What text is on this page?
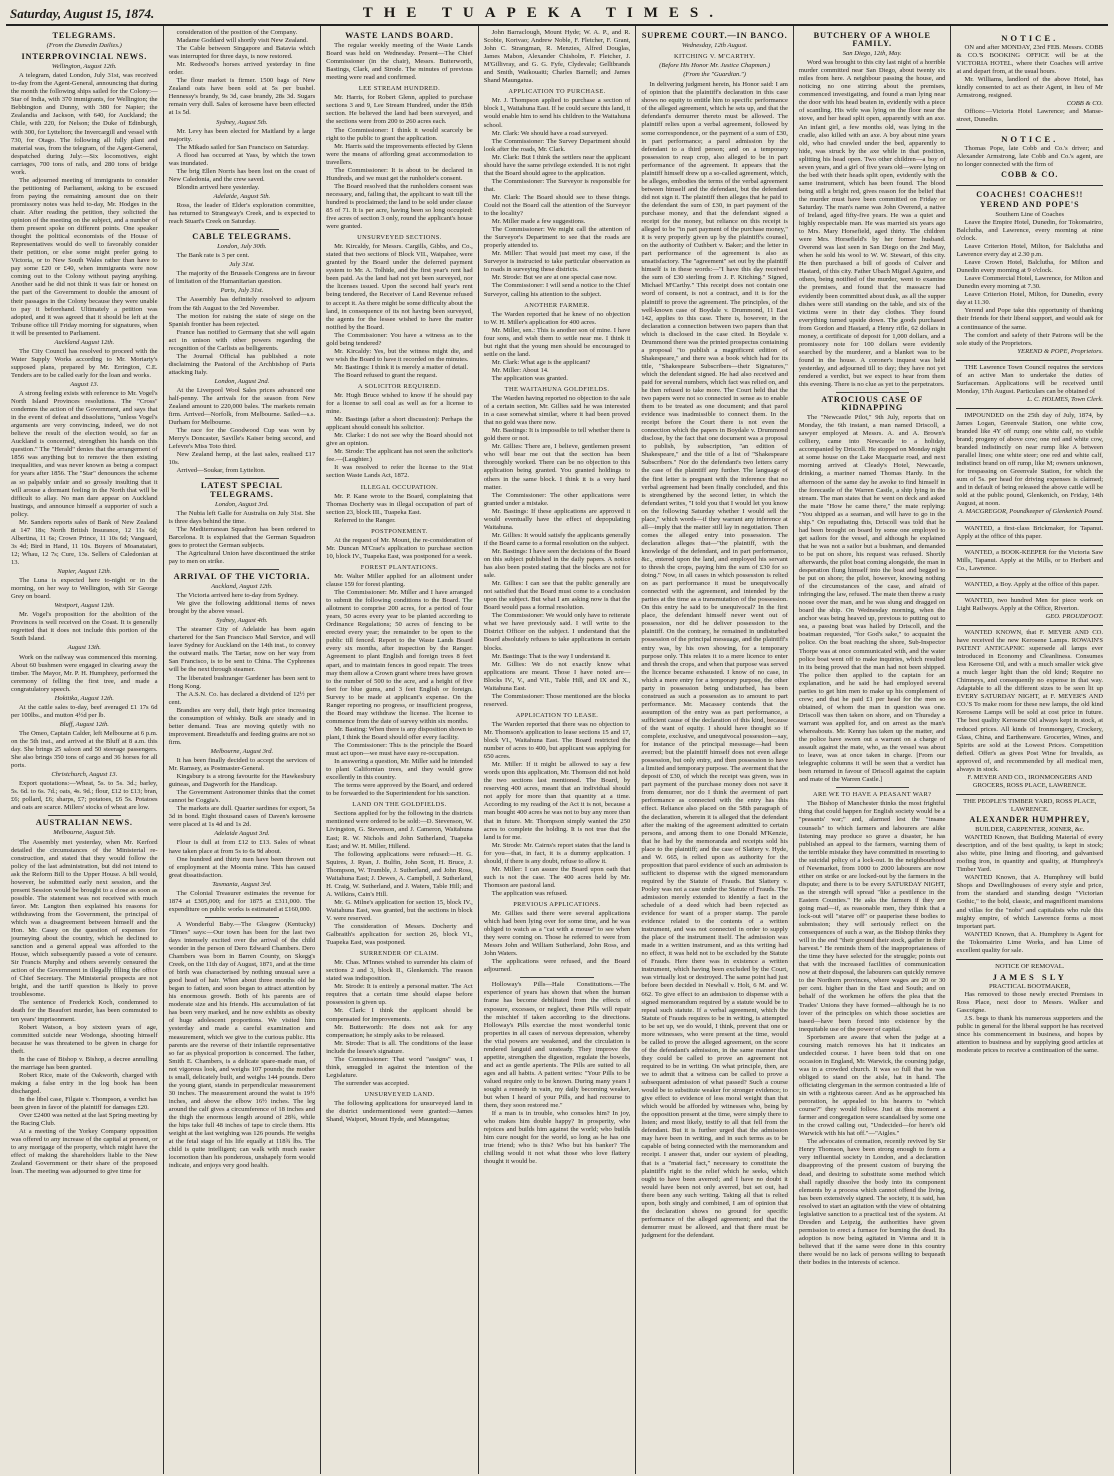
Saturday, August 15, 1874.	THE TUAPEKA TIMES.
TELEGRAMS.
(From the Dunedin Dailies.)
INTERPROVINCIAL NEWS.
Wellington, August 12th.

A telegram, dated London, July 31st, was received to-day from the Agent-General, announcing that during the month the following ships sailed for the Colony:—Star of India, with 370 immigrants, for Wellington; the Bebbington and Dunny, with 380 for Napier; the Zealandia and Jackson, with 640, for Auckland; the Chile, with 220, for Nelson; the Duke of Edinburgh, with 300, for Lyttelton; the Invercargill and vessel with 730, for Otago. The following all fully plant and material was, from the telegram, of the Agent-General, despatched during July:—Six locomotives, eight carriages, 700 tons of rails, and 280 tons of bridge work.

The adjourned meeting of immigrants to consider the petitioning of Parliament, asking to be excused from paying the remaining amount due on their promissory notes was held to-day, Mr. Hodges in the chair. After reading the petition, they solicited the opinion of the meeting on the subject, and a number of them present spoke on different points. One speaker thought the political economists of the House of Representatives would do well to favorably consider their petition, or else some might prefer going to Victoria, or to New South Wales rather than have to pay some £20 or £40, when immigrants were now coming out to the Colony without paying anything. Another said he did not think it was fair or honest on the part of the Government to double the amount of their passages in the Colony because they were unable to pay it beforehand. Ultimately a petition was adopted, and it was agreed that it should be left at the Tribune office till Friday morning for signatures, when it will be presented to Parliament.

Auckland August 12th.

The City Council has resolved to proceed with the Water Supply Works according to Mr. Moriarty's supposed plans, prepared by Mr. Errington, C.E. Tenders are to be called early for the loan and works.

August 13.

A strong feeling exists with reference to Mr. Vogel's North Island Provinces resolutions. The "Cross" condemns the action of the Government, and says that in the event of defeat and dissolutions, "unless Vogel's arguments are very convincing, indeed, we do not believe the result of the election would, so far as Auckland is concerned, strengthen his hands on this question." The "Herald" denies that the arrangement of 1856 was anything but to remove the then existing inequalities, and was never known as being a compact for years after 1856. The "Star" denounces the scheme as so palpably unfair and so grossly insulting that it will arouse a dormant feeling in the North that will be difficult to allay. No man dare appear on Auckland hustings, and announce himself a supporter of such a policy.

Mr. Sanders reports sales of Bank of New Zealand at 147 18s; North British Insurance, 12 11s 6d; Albertina, 11 6s; Crown Prince, 11 10s 6d; Vanguard, 3s 4d; Bird in Hand, 11 10s. Buyers of Moanataiari, 12; Whau, 12 7s; Cure, 13s. Sellers of Caledonian at 13.

Napier, August 12th.

The Luna is expected here to-night or in the morning, on her way to Wellington, with Sir George Grey on board.

Westport, August 12th.

Mr. Vogel's proposition for the abolition of the Provinces is well received on the Coast. It is generally regretted that it does not include this portion of the South Island.

August 13th.

Work on the railway was commenced this morning. About 60 bushmen were engaged in clearing away the timber. The Mayor, Mr. P. H. Humphrey, performed the ceremony of felling the first tree, and made a congratulatory speech.

Hokitika, August 12th.

At the cattle sales to-day, beef averaged £1 17s 6d per 100lbs., and mutton 4½d per lb.

Bluff, August 12th.

The Omeo, Captain Calder, left Melbourne at 6 p.m. on the 5th inst., and arrived at the Bluff at 8 a.m. this day. She brings 25 saloon and 50 steerage passengers. She also brings 350 tons of cargo and 36 horses for all ports.

Christchurch, August 13.

Export quotations:—Wheat, 5s. to 5s. 3d.; barley, 5s. 6d. to 6s. 7d.; oats, 4s. 9d.; flour, £12 to £13; bran, £6; pollard, £6; sharps, £7; potatoes, £6 5s. Potatoes and oats are scarce. Millers' stocks of wheat are low.

AUSTRALIAN NEWS.
Melbourne, August 5th.

The Assembly met yesterday, when Mr. Kerford detailed the circumstances of the Ministerial re-construction, and stated that they would follow the policy of the last administration, but did not intend to ask the Reform Bill to the Upper House. A bill would, however, be submitted early next session, and the present Session would be brought to a close as soon as possible. The statement was not received with much favor. Mr. Langton then explained his reasons for withdrawing from the Government, the principal of which was a disagreement between himself and the Hon. Mr. Casey on the question of expenses for journeying about the country, which he declined to sanction and a general appeal was afforded to the House, which subsequently passed a vote of censure. Sir Francis Murphy and others severely censured the action of the Government in illegally filling the office of Chief Secretary. The Ministerial prospects are not bright, and the tariff question is likely to prove troublesome.

The sentence of Frederick Koch, condemned to death for the Beaufort murder, has been commuted to ten years' imprisonment.

Robert Watson, a boy sixteen years of age, committed suicide near Wodonga, shooting himself because he was threatened to be given in charge for theft.

In the case of Bishop v. Bishop, a decree annulling the marriage has been granted.

Robert Rice, mate of the Oakworth, charged with making a false entry in the log book has been discharged.

In the libel case, Filgate v. Thompson, a verdict has been given in favor of the plaintiff for damages £20.

Over £2400 was netted at the last Spring meeting by the Racing Club.

At a meeting of the Yorkey Company opposition was offered to any increase of the capital at present, or to any mortgage of the property, which might have the effect of making the shareholders liable to the New Zealand Government or their share of the proposed loan. The meeting was adjourned to give time for

consideration of the position of the Company.

Madame Goddard will shortly visit New Zealand.

The Cable between Singapore and Batavia which was interrupted for three days, is now restored.

Mr. Redwood's horses arrived yesterday in fine order.

The flour market is firmer. 1500 bags of New Zealand oats have been sold at 5s per bushel. Hennessy's brandy, 9s 3d, case brandy, 28s 3d. Sugars remain very dull. Sales of kerosene have been effected at 1s 5d.

Sydney, August 5th.

Mr. Levy has been elected for Maitland by a large majority.

The Mikado sailed for San Francisco on Saturday.

A flood has occurred at Yass, by which the town was inundated.

The brig Ellen Norris has been lost on the coast of New Caledonia, and the crew saved.

Blondin arrived here yesterday.

Adelaide, August 5th.

Ross, the leader of Elder's exploration committee, has returned to Strangway's Creek, and is expected to reach Stuart's Creek on Saturday.

CABLE TELEGRAMS.
London, July 30th.

The Bank rate is 3 per cent.

July 31st.

The majority of the Brussels Congress are in favour of limitation of the Humanitarian question.

Paris, July 31st.

The Assembly has definitely resolved to adjourn from the 6th August to the 3rd November.

The motion for raising the state of siege on the Spanish frontier has been rejected.

France has notified to Germany that she will again act in unison with other powers regarding the recognition of the Carlists as belligerents.

The Journal Official has published a note disclaiming the Pastoral of the Archbishop of Paris attacking Italy.

London, August 2nd.

At the Liverpool Wool Sales prices advanced one half-penny. The arrivals for the season from New Zealand amount to 220,000 bales. The markets remain firm. Arrived—Norfolk, from Melbourne. Sailed—s.s. Durham for Melbourne.

The race for the Goodwood Cup was won by Merry's Doncaster, Saville's Kaiser being second, and Lefevre's Miss Toto third.

New Zealand hemp, at the last sales, realised £17 10s.

Arrived—Soukar, from Lyttelton.

LATEST SPECIAL TELEGRAMS.
London, August 3rd.

The Nubia left Galle for Australia on July 31st. She is three days behind the time.

The Mediterranean Squadron has been ordered to Barcelona. It is explained that the German Squadron goes to protect the German subjects.

The Agricultural Union have discontinued the strike pay to men on strike.

ARRIVAL OF THE VICTORIA.
Auckland, August 12th.

The Victoria arrived here to-day from Sydney.

We give the following additional items of news brought by the above vessel.

Sydney, August 4th.

The steamer City of Adelaide has been again chartered for the San Francisco Mail Service, and will leave Sydney for Auckland on the 14th inst., to convey the outward mails. The Tartar, now on her way from San Francisco, is to be sent to China. The Cyphrenes will be the next through steamer.

The liberated bushranger Gardener has been sent to Hong Kong.

The A.S.N. Co. has declared a dividend of 12½ per cent.

Brandies are very dull, their high price increasing the consumption of whisky. Bulk are steady and in better demand. Teas are moving quietly with no improvement. Breadstuffs and feeding grains are not so firm.

Melbourne, August 3rd.

It has been finally decided to accept the services of Mr. Ramsey, as Postmaster-General.

Kingsbury is a strong favourite for the Hawkesbury guineas, and Dagworth for the Handicap.

The Government Astronomer thinks that the comet cannot be Coggia's.

The markets are dull. Quarter sardines for export, 5s 3d in bond. Eight thousand cases of Daven's kerosene were placed at 1s 4d and 1s 2d.

Adelaide August 3rd.

Flour is dull at from £12 to £13. Sales of wheat have taken place at from 5s to 6s 9d about.

One hundred and thirty men have been thrown out of employment at the Moonta mine. This has caused great dissatisfaction.

Tasmania, August 3rd.

The Colonial Treasurer estimates the revenue for 1874 at £305,000; and for 1875 at £311,000. The expenditure on public works is estimated at £160,000.

A Wonderful Baby.—The Glasgow (Kentucky) "Times" says:—Our town has been for the last two days intensely excited over the arrival of the child wonder in the person of Dero Edward Chambers. Dero Chambers was born in Barren County, on Skegg's Creek, on the 11th day of August, 1871, and at the time of birth was characterised by nothing unusual save a good head of hair. When about three months old he began to fatten, and soon began to attract attention by his enormous growth. Both of his parents are of moderate size and his friends. His accumulation of fat has been very marked, and he now exhibits as obesity of huge adolescent proportions. We visited him yesterday and made a careful examination and measurement, which we give to the curious public. His parents are the reverse of their infantile representative so far as physical proportion is concerned. The father, Smith E. Chambers, is a delicate spare-made man, of not vigorous look, and weighs 107 pounds; the mother is small, delicately built, and weighs 144 pounds. Dero the young giant, stands in perpendicular measurement 30 inches. The measurement around the waist is 19½ inches, and above the elbow 16½ inches. The leg around the calf gives a circumference of 18 inches and the thigh the enormous length around of 28¾, while the hips take full 48 inches of tape to circle them. His weight at the last weighing was 126 pounds. He weighs at the fetal stage of his life equally at 118¾ lbs. The child is quite intelligent; can walk with much easier locomotion than his ponderous, unshapely form would indicate, and enjoys very good health.

WASTE LANDS BOARD.

The regular weekly meeting of the Waste Lands Board was held on Wednesday. Present—The Chief Commissioner (in the chair), Messrs. Butterworth, Bastings, Clark, and Strode. The minutes of previous meeting were read and confirmed.

LEE STREAM HUNDRED.

Mr. Harris, for Robert Glenn, applied to purchase sections 3 and 9, Lee Stream Hundred, under the 85th section. He believed the land had been surveyed, and the sections were from 200 to 260 acres each.

The Commissioner: I think it would scarcely be right to the public to grant the application.

Mr. Harris said the improvements effected by Glenn were the means of affording great accommodation to travellers.

The Commissioner: It is about to be declared in Hundreds, and we must get the runholder's consent.

The Board resolved that the runholders consent was necessary, and, failing that, the applicant to wait till the hundred is proclaimed; the land to be sold under clause 85 of 71. It is per acre, having been so long occupied: five acres of section 3 only, round the applicant's house were granted.

UNSURVEYED SECTIONS.

Mr. Kircaldy, for Messrs. Cargills, Gibbs, and Co., stated that two sections of Block VII., Waipahee, were granted by the Board under the deferred payment system to Mr. A. Tolhide, and the first year's rent had been paid. As the land had not yet been surveyed, nor the licenses issued. Upon the second half year's rent being tendered, the Receiver of Land Revenue refused to accept it. As there might be some difficulty about the land, in consequence of its not having been surveyed, the agents for the lessee wished to have the matter notified by the Board.

The Commissioner: You have a witness as to the gold being tendered?

Mr. Kircaldy: Yes, but the witness might die, and we wish the Board to have it recorded on the minutes.

Mr. Bastings: I think it is merely a matter of detail.

The Board refused to grant the request.

A SOLICITOR REQUIRED.

Mr. Hugh Bruce wished to know if he should pay for a license to sell coal as well as for a license to mine.

Mr. Bastings (after a short discussion): Perhaps the applicant should consult his solicitor.

Mr. Clarke: I do not see why the Board should not give an opinion.

Mr. Strode: The applicant has not seen the solicitor's fee.—(Laughter.)

It was resolved to refer the license to the 91st section Waste Lands Act, 1872.

ILLEGAL OCCUPATION.

Mr. P. Kane wrote to the Board, complaining that Thomas Docherty was in illegal occupation of part of section 23, block III., Tuapeka East.

Referred to the Ranger.

POSTPONEMENT.

At the request of Mr. Mount, the re-consideration of Mr. Duncan M'Crae's application to purchase section 10, block IV., Tuapeka East, was postponed for a week.

FOREST PLANTATIONS.

Mr. Walter Miller applied for an allotment under clause 159 for forest planting.

The Commissioner: Mr. Miller and I have arranged to submit the following conditions to the Board. The allotment to comprise 200 acres, for a period of four years, 50 acres every year to be planted according to Ordinance Regulations; 50 acres of fencing to be erected every year; the remainder to be open to the public till fenced. Report to the Waste Lands Board every six months, after inspection by the Ranger. Agreement to plant English and foreign trees 8 feet apart, and to maintain fences in good repair. The trees may them allow a Crown grant where trees have grown to the number of 500 to the acre, and a height of five feet for blue gums, and 3 feet English or foreign. Survey to be made at applicant's expense. On the Ranger reporting no progress, or insufficient progress, the Board may withdraw the license. The license to commence from the date of survey within six months.

Mr. Basting: When there is any disposition shown to plant, I think the Board should offer every facility.

The Commissioner: This is the principle the Board must act upon—we must have easy re-occupation.

In answering a question, Mr. Miller said he intended to plant Californian trees, and they would grow excellently in this country.

The terms were approved by the Board, and ordered to be forwarded to the Superintendent for his sanction.

LAND ON THE GOLDFIELDS.

Sections applied for by the following in the districts mentioned were ordered to be sold:—D. Stevenson, W. Livingston, G. Stevenson, and J. Cameron, Waitahuna East; R. W. Nichols and John Sutherland, Tuapeka East; and W. H. Miller, Hillend.

The following applications were refused:—H. G. Squires, J. Ryan, J. Bulfin, John Scott, H. Bruce, J. Thompson, W. Trumble, J. Sutherland, and John Ross, Waitahuna East; J. Dewes, A. Campbell, J. Sutherland, H. Craig, W. Sutherland, and J. Waters, Table Hill; and A. Wilkins, Cain's Hill.

Mr. G. Milne's application for section 15, block IV., Waitahuna East, was granted, but the sections in block V. were reserved.

The consideration of Messrs. Docherty and Galbraith's application for section 26, block VI., Tuapeka East, was postponed.

SURRENDER OF CLAIM.

Mr. Chas. M'Innes wished to surrender his claim of sections 2 and 3, block II., Glenkenich. The reason stated was indisposition.

Mr. Strode: It is entirely a personal matter. The Act requires that a certain time should elapse before possession is given up.

Mr. Clark: I think the applicant should be compensated for improvements.

Mr. Butterworth: He does not ask for any compensation; he simply asks to be released.

Mr. Strode: That is all. The conditions of the lease include the lessee's signature.

The Commissioner: That word "assigns" was, I think, smuggled in against the intention of the Legislature.

The surrender was accepted.

UNSURVEYED LAND.

The following applications for unsurveyed land in the district undermentioned were granted:—James Shand, Waipori, Mount Hyde, and Maungatua;

John Barraclough, Mount Hyde; W. A. P., and R. Scobie, Korivao; Andrew Noble, F. Fletcher, F. Grant, John C. Strangman, R. Menzies, Alfred Douglas, James Mabon, Alexander Chisholm, F. Fletcher, J. M'Gillivray, and G. G. Fyfe, Clydevale; Gellibrands and Smith, Waikouaiti; Charles Barnell; and James Shand Maungatua.

APPLICATION TO PURCHASE.

Mr. J. Thompson applied to purchase a section of block I., Waitahuna East. If he could secure this land, it would enable him to send his children to the Waitahuna school.

Mr. Clark: We should have a road surveyed.

The Commissioner: The Survey Department should look after the roads, Mr. Clark.

Mr. Clark: But I think the settlers near the applicant should have the same privilege extended. It is not right that the Board should agree to the application.

The Commissioner: The Surveyor is responsible for that.

Mr. Clark: The Board should see to these things. Could not the Board call the attention of the Surveyor to the locality?

Mr. Miller made a few suggestions.

The Commissioner: We might call the attention of the Surveyor's Department to see that the roads are properly attended to.

Mr. Miller: That would just meet my case, if the Surveyor is instructed to take particular observation as to roads in surveying these districts.

Mr. Strode: But we are at one special case now.

The Commissioner: I will send a notice to the Chief Surveyor, calling his attention to the subject.

ANOTHER FARMER.

The Warden reported that he knew of no objection to W. H. Miller's application for 400 acres.

Mr. Miller, sen.: This is another son of mine. I have four sons, and wish them to settle near me. I think it but right that the young men should be encouraged to settle on the land.

Mr. Clark: What age is the applicant?

Mr. Miller: About 14.

The application was granted.

THE WAITAHUNA GOLDFIELDS.

The Warden having reported no objection to the sale of a certain section, Mr. Gillies said he was interested in a case somewhat similar, where it had been proved that no gold was there now.

Mr. Bastings: It is impossible to tell whether there is gold there or not.

Mr. Gillies: There are, I believe, gentlemen present who will bear me out that the section has been thoroughly worked. There can be no objection to this application being granted. You granted holdings to others in the same block. I think it is a very hard matter.

The Commissioner: The other applications were granted under a mistake.

Mr. Bastings: If these applications are approved it would eventually have the effect of depopulating Waitahuna.

Mr. Gillies: It would satisfy the applicants generally if the Board came to a formal resolution on the subject.

Mr. Bastings: I have seen the decisions of the Board on this subject published in the daily papers. A notice has also been posted stating that the blocks are not for sale.

Mr. Gillies: I can see that the public generally are not satisfied that the Board must come to a conclusion upon the subject. But what I am asking now is that the Board would pass a formal resolution.

The Commissioner: We would only have to reiterate what we have previously said. I will write to the District Officer on the subject. I understand that the Board absolutely refuses to take applications in certain blocks.

Mr. Bastings: That is the way I understand it.

Mr. Gillies: We do not exactly know what applications are meant. Those I have noted are—Blocks IV., V., and VII., Table Hill, and IX and X., Waitahuna East.

The Commissioner: Those mentioned are the blocks reserved.

APPLICATION TO LEASE.

The Warden reported that there was no objection to Mr. Thomson's application to lease sections 15 and 17, block VI., Waitahuna East. The Board restricted the number of acres to 400, but applicant was applying for 650 acres.

Mr. Miller: If it might be allowed to say a few words upon this application, Mr. Thomson did not hold the two sections last mentioned. The Board, by reserving 400 acres, meant that an individual should not apply for more than that quantity at a time. According to my reading of the Act it is not, because a man bought 400 acres he was not to buy any more than that in future. Mr. Thompson simply wanted the 250 acres to complete the holding. It is not true that the land is for me.

Mr. Strode: Mr. Cairns's report states that the land is for you—that, in fact, it is a dummy application. I should, if there is any doubt, refuse to allow it.

Mr. Miller: I can assure the Board upon oath that such is not the case. The 400 acres held by Mr. Thomson are pastoral land.

The application was refused.

PREVIOUS APPLICATIONS.

Mr. Gillies said there were several applications which had been lying over for some time, and he was obliged to watch as a "cat with a mouse" to see when they were coming on. Those he referred to were from Messrs John and William Sutherland, John Ross, and John Waters.

The applications were refused, and the Board adjourned.

Holloway's Pills—Hale Constitutions.—The experience of years has shown that when the human frame has become debilitated from the effects of exposure, excesses, or neglect, these Pills will repair the mischief if taken according to the directions. Holloway's Pills exercise the most wonderful tonic properties in all cases of nervous depression, whereby the vital powers are weakened, and the circulation is rendered languid and unsteady. They improve the appetite, strengthen the digestion, regulate the bowels, and act as gentle aperients. The Pills are suited to all ages and all habits. A patient writes: "Your Pills to be valued require only to be known. During many years I sought a remedy in vain, my daily becoming weaker, but when I heard of your Pills, and had recourse to them, they soon restored me."

If a man is in trouble, who consoles him? In joy, who makes him double happy? In prosperity, who rejoices and builds him against the world; who builds him cure nought for the world, so long as he has one true friend; who is this? Who but his banker? The chilling would it not what those who love flattery thought it would be.

SUPREME COURT.—IN BANCO.
Wednesday, 12th August.
KITCHING V. M'CARTHY.
(Before His Honor Mr. Justice Chapman.)
(From the "Guardian.")

In delivering judgment herein, his Honor said: I am of opinion that the plaintiff's declaration in this case shows no equity to entitle him to specific performance of the alleged agreement, which he sets up, and that the defendant's demurrer thereto must be allowed. The plaintiff relies upon a verbal agreement, followed by some correspondence, or the payment of a sum of £30, in part performance; a parol admission by the defendant to a third person; and on a temporary possession to reap crop, also alleged to be in part performance of the agreement. It appears that the plaintiff himself drew up a so-called agreement, which, he alleges, embodies the terms of the verbal agreement between himself and the defendant, but the defendant did not sign it. The plaintiff then alleges that he paid to the defendant the sum of £30, in part payment of the purchase money, and that the defendant signed a receipt for the money, but reliance on this receipt is alleged to be "in part payment of the purchase money," it is very properly given up by the plaintiff's counsel, on the authority of Cuthbert v. Baker; and the letter in part performance of the agreement is also as unsatisfactory. The "agreement" set out by the plaintiff himself is in these words:—"I have this day received the sum of £30 sterling from J. F. Kitching." Signed, Michael M'Carthy." This receipt does not contain one word of consent, is not a contract, and it is for the plaintiff to prove the agreement. The principles, of the well-known case of Boydale v. Drummond, 11 East 142, applies to this case. There is, however, in the declaration a connection between two papers than that which is disclosed in the case cited. In Boydale v. Drummond there was the printed prospectus containing a proposal "to publish a magnificent edition of Shakespeare," and there was a book which had for its title, "Shakespeare Subscribers—their Signatures," which the defendant signed. He had also received and paid for several numbers, which fact was relied on, and he then refused to take more. The Court held that the two papers were not so connected in sense as to enable them to be treated as one document; and that parol evidence was inadmissible to connect them. In the receipt before the Court there is not even the connection which the papers in Boydale v. Drummond disclose, by the fact that one document was a proposal to publish, by subscription, "an edition of Shakespeare," and the title of a list of "Shakespeare Subscribers." Nor do the defendant's two letters carry the case of the plaintiff any further. The language of the first letter is pregnant with the inference that no verbal agreement had been finally concluded, and this is strengthened by the second letter, in which the defendant writes, "I told you that I would let you know on the following Saturday whether I would sell the place," which words—if they warrant any inference at all—imply that the matter still lay in negotiation. Then comes the alleged entry into possession. The declaration alleges that—"the plaintiff, with the knowledge of the defendant, and in part performance, &c., entered upon the land, and employed his servant to thresh the crops, paying him the sum of £30 for so doing." Now, in all cases in which possession is relied on as part performance it must be unequivocally connected with the agreement, and intended by the parties at the time as a transmutation of the possession. On this entry he said to be unequivocal? In the first place, the defendant himself never went out of possession, nor did he deliver possession to the plaintiff. On the contrary, he remained in undisturbed possession of the principal messuage, and the plaintiff's entry was, by his own showing, for a temporary purpose only. This relates it to a mere licence to enter and thresh the crops, and when that purpose was served the licence became exhausted. I know of no case, in which a mere entry for a temporary purpose, the other party in possession being undisturbed, has been construed as such a possession as to amount to part performance. Mr. Macassey contends that the assumption of the entry was as part performance, a sufficient cause of the declaration of this kind, because of the want of equity. I should have thought so if complete, exclusive, and unequivocal possession—say, for instance of the principal messuage—had been averred; but the plaintiff himself does not even allege possession, but only entry, and then possession to have a limited and temporary purpose. The averment that the deposit of £30, of which the receipt was given, was in part payment of the purchase money does not save it from demurrer, nor do I think the averment of part performance as connected with the entry has this effect. Reliance also placed on the 58th paragraph of the declaration, wherein it is alleged that the defendant after the making of the agreement admitted to certain persons, and among them to one Donald M'Kenzie, that he had by the memoranda and receipts sold his place to the plaintiff; and the case of Slattery v. Hyde, and W. 665, is relied upon as authority for the proposition that parol evidence of such an admission is sufficient to dispense with the signed memorandum required by the Statute of Frauds. But Slattery v. Pooley was not a case under the Statute of Frauds. The admission merely extended to identify a fact in the schedule of a deed which had been rejected as evidence for want of a proper stamp. The parole evidence related to the contents of a written instrument, and was not connected in order to supply the place of the instrument itself. The admission was made in a written instrument, and as this writing had no effect, it was held not to be excluded by the Statute of Frauds. Here there was in existence a written instrument, which having been excluded by the Court, was virtually lost or destroyed. The same point had just before been decided in Newhall v. Holt, 6 M. and W. 662. To give effect to an admission to dispense with a signed memorandum required by a statute would be to repeal such statute. If a verbal agreement, which the Statute of Frauds requires to be in writing, is attempted to be set up, we do would, I think, prevent that one or more witnesses, who were present at the time, would be called to prove the alleged agreement, on the score of the defendant's admission, in the same manner that they could be called to prove an agreement not required to be in writing. On what principle, then, are we to admit that a witness can be called to prove a subsequent admission of what passed? Such a course would be to substitute weaker for stronger evidence; to give effect to evidence of less moral weight than that which would be afforded by witnesses who, being by the opposition present at the time, were simply there to listen; and most likely, testify to all that fell from the defendant. But it is further urged that the admission may have been in writing, and in such terms as to be capable of being connected with the memorandum and receipt. I answer that, under our system of pleading, that is a "material fact," necessary to constitute the plaintiff's right to the relief which he seeks, which ought to have been averred; and I have no doubt it would have been not only averred, but set out, had there been any such writing. Taking all that is relied upon, both singly and combined, I am of opinion that the declaration shows no ground for specific performance of the alleged agreement; and that the demurrer must be allowed, and that there must be judgment for the defendant.

BUTCHERY OF A WHOLE FAMILY.
San Diego, 12th, May.

Word was brought to this city last night of a horrible murder committed near San Diego, about twenty six miles from here. A neighbour passing the house, and noticing no one stirring about the premises, commenced investigating, and found a man lying near the door with his head beaten in, evidently with a piece of scantling. His wife was lying on the floor near the stove, and her head split open, apparently with an axe. An infant girl, a few months old, was lying in the cradle, also killed with an axe. A boy about nine years old, who had crawled under the bed, apparently to hide, was struck by the axe while in that position, splitting his head open. Two other children—a boy of seven years, and a girl of five years old—were lying on the bed with their heads split open, evidently with the same instrument, which has been found. The blood being still a bright red, gives reason for the belief that the murder must have been committed on Friday or Saturday. The man's name was John Overend, a native of Ireland, aged fifty-five years. He was a quiet and highly respectable man. He was married six years ago to Mrs. Mary Horsefield, aged thirty. The children were Mrs. Horsefield's by her former husband. Overend was last seen in San Diego on the 2nd May, when he sold his wool to W. W. Stewart, of this city. He then purchased a bill of goods of Culver and Hastard, of this city. Father Ubach Miguel Aguirre, and others, being notified of the murder, went to examine the premises, and found that the massacre had evidently been committed about dusk, as all the supper dishes were still standing on the table, and six of the victims were in their day clothes. They found everything turned upside down. The goods purchased from Gordon and Hastard, a Henry rifle, 62 dollars in money, a certificate of deposit for 1,000 dollars, and a promissory note for 100 dollars were evidently searched by the murderer, and a blanket was to be found in the house. A coroner's inquest was held yesterday, and adjourned till to day; they have not yet rendered a verdict, but we expect to hear from them this evening. There is no clue as yet to the perpetrators.

ATROCIOUS CASE OF KIDNAPPING

The "Newcastle Pilot," 9th July, reports that on Monday, the 6th instant, a man named Driscoll, a sawyer employed at Messrs. A. and A. Brown's colliery, came into Newcastle to a holiday, accompanied by Driscoll. He stopped on Monday night at some house on the Lake Macquarie road, and next morning arrived at Cleady's Hotel, Newcastle, drinking, a mariner named Thomas Hardy. In the afternoon of the same day he awoke to find himself in the forecastle of the Warren Castle, a ship lying in the stream. The man states that he went on deck and asked the mate "How he came there," the mate replying: "You shipped as a seaman, and will have to go in the ship." On repudiating this, Driscoll was told that he had been brought on board by some one employed to get sailors for the vessel, and although he explained that he was not a sailor but a bushman, and demanded to be put on shore, his request was refused. Shortly afterwards, the pilot boat coming alongside, the man in desperation flung himself into the boat and begged to be put on shore; the pilot, however, knowing nothing of the circumstances of the case, and afraid of infringing the law, refused. The mate then threw a rusty noose over the man, and he was slung and dragged on board the ship. On Wednesday morning, when the anchor was being heaved up, previous to putting out to sea, a passing boat was hailed by Driscoll, and the boatman requested, "for God's sake," to acquaint the police. On the boat reaching the shore, Sub-Inspector Thorpe was at once communicated with, and the water police boat went off to make inquiries, which resulted in its being proved that the man had not been shipped. The police then applied to the captain for an explanation, and he said he had employed several parties to get him men to make up his complement of crew; and that he paid £1 per head for the men so obtained, of whom the man in question was one. Driscoll was then taken on shore, and on Thursday a warrant was applied for, and on arrest as the man's whereabouts. Mr. Kenny has taken up the matter, and the police have sworn out a warrant on a charge of assault against the mate, who, as the vessel was about to leave, was at once taken in charge. [From our telegraphic columns it will be seen that a verdict has been returned in favour of Driscoll against the captain and mate of the Warren Castle.]

ARE WE TO HAVE A PEASANT WAR?

The Bishop of Manchester thinks the most frightful thing that could happen for English society would be a "peasants' war;" and, alarmed lest the "insane counsels" to which farmers and labourers are alike listening may produce so grave a disaster, he has published an appeal to the farmers, warning them of the terrible mistake they have committed in resorting to the suicidal policy of a lock-out. In the neighbourhood of Newmarket, from 1000 to 2000 labourers are now either on strike or are locked-out by the farmers in the dispute; and there is to be every SATURDAY NIGHT, as the strength will spread "like a pestilence in the Eastern Counties." He asks the farmers if they are going mad—if, as reasonable men, they think that a lock-out will "starve off" or pauperise these bodies to submission; they will seriously reflect on the consequences of such a war, as the Bishop thinks they will in the end "their ground their stock, gather in their harvest." He reminds them of the inappropriateness of the time they have selected for the struggle; points out that with the increased facilities of communication now at their disposal, the labourers can quickly remove to the Northern provinces, where wages are 20 or 30 per cent. higher than in the East and South; and on behalf of the workmen he offers the plea that the Trades' Unions they have formed—although he is no lover of the principles on which those societies are based—have been forced into existence by the inequitable use of the power of capital.

Sportsmen are aware that when the judge at a coursing match removes his hat it indicates an undecided course. I have been told that on one occasion in England, Mr. Warwick, the coursing judge, was in a crowded church. It was so full that he was obliged to stand on the aisle, hat in hand. The officiating clergyman in the sermon contrasted a life of sin with a righteous career. And as he approached his peroration, he appealed to his hearers to "which course?" they would follow. Just at this moment a farmer and congregation were scandalised by some one in the crowd calling out, "Undecided—for here's old Warwick with his hat off."—"Aigles."

The advocates of cremation, recently revived by Sir Henry Thomson, have been strong enough to form a very influential society in London, and a declaration disapproving of the present custom of burying the dead, and desiring to substitute some method which shall rapidly dissolve the body into its component elements by a process which cannot offend the living, has been extensively signed. The society, it is said, has resolved to start an agitation with the view of obtaining legislative sanction to a practical test of the system. At Dresden and Leipzig, the authorities have given permission to erect a furnace for burning the dead. Its adoption is now being agitated in Vienna and it is believed that if the same were done in this country there would be no lack of persons willing to bequeath their bodies in the interests of science.

NOTICE.

ON and after MONDAY, 23rd FEB. Messrs. COBB & CO.'S BOOKING OFFICE will be at the VICTORIA HOTEL, where their Coaches will arrive at and depart from, at the usual hours.

Mr. Williams, landlord of the above Hotel, has kindly consented to act as their Agent, in lieu of Mr Armstrong, resigned.

COBB & CO.

Offices:—Victoria Hotel Lawrence; and Manse-street, Dunedin.

NOTICE.

Thomas Pope, late Cobb and Co.'s driver; and Alexander Armstrong, late Cobb and Co.'s agent, are no longer connected with the firm of

COBB & CO.
COACHES! COACHES!!
YEREND AND POPE'S
Southern Line of Coaches

Leave the Empire Hotel, Dunedin, for Tokomairiro, Balclutha, and Lawrence, every morning at nine o'clock.

Leave Criterion Hotel, Milton, for Balclutha and Lawrence every day at 2.30 p.m.

Leave Crown Hotel, Balclutha, for Milton and Dunedin every morning at 9 o'clock.

Leave Commercial Hotel, Lawrence, for Milton and Dunedin every morning at 7.30.

Leave Criterion Hotel, Milton, for Dunedin, every day at 11.30.

Yerend and Pope take this opportunity of thanking their friends for their liberal support, and would ask for a continuance of the same.

The comfort and safety of their Patrons will be the sole study of the Proprietors.

YEREND & POPE, Proprietors.

THE Lawrence Town Council requires the services of an active Man to undertake the duties of Surfaceman. Applications will be received until Monday, 17th August. Particulars can be obtained of

L. C. HOLMES, Town Clerk.

IMPOUNDED on the 25th day of July, 1874, by James Logan, Greenvale Station, one white cow, branded like 4Y off rump; one white calf, no visible brand; progeny of above cow; one red and white cow, branded indistinctly on near rump like A between parallel lines; one white steer; one red and white calf, indistinct brand on off rump, like M; owners unknown, for trespassing on Greenvale Station, for which the sum of 5s. per head for driving expenses is claimed; and in default of being released the above cattle will be sold at the public pound, Glenkenich, on Friday, 14th August, at noon.

A. MACGREGOR, Poundkeeper of Glenkenich Pound.

WANTED, a first-class Brickmaker, for Tapanui. Apply at the office of this paper.

WANTED, a BOOK-KEEPER for the Victoria Saw Mills, Tapanui. Apply at the Mills, or to Herbert and Co., Lawrence.

WANTED, a Boy. Apply at the office of this paper.

WANTED, two hundred Men for piece work on Light Railways. Apply at the Office, Riverton.

GEO. PROUDFOOT.

WANTED KNOWN, that F. MEYER AND CO. have received the new Kerosene Lamps. ROWAIN'S PATENT ANTICAPNIC supersede all lamps ever introduced in Economy and Cleanliness. Consumes less Kerosene Oil, and with a much smaller wick give a much larger light than the old kind; Require no Chimneys, and consequently no expense in that way. Adaptable to all the different sizes to be seen lit up EVERY SATURDAY NIGHT, at F. MEYER'S AND CO.'S To make room for these new lamps, the old kind Kerosene Lamps will be sold at cost price in future. The best quality Kerosene Oil always kept in stock, at reduced prices. All kinds of Ironmongery, Crockery, Glass, China, and Earthenware. Groceries, Wines, and Spirits are sold at the Lowest Prices. Competition defied. Offer's as gives Post Wine for Invalids, as approved of, and recommended by all medical men, always in stock.

F. MEYER AND CO., IRONMONGERS AND GROCERS, ROSS PLACE, LAWRENCE.
THE PEOPLE'S TIMBER YARD, ROSS PLACE, LAWRENCE.
ALEXANDER HUMPHREY,
BUILDER, CARPENTER, JOINER, &c.

WANTED Known, that Building Material of every description, and of the best quality, is kept in stock; also white, pine lining and flooring, and galvanised roofing iron, in quantity and quality, at Humphrey's Timber Yard.

WANTED Known, that A. Humphrey will build Shops and Dwellinghouses of every style and price, from the standard and standing design "Victorian Gothic," to the bold, classic, and magnificent mansions and villas for the "nobs" and capitalists who rule this mighty empire, of which Lawrence forms a most important part.

WANTED Known, that A. Humphrey is Agent for the Tokomairiro Lime Works, and has Lime of excellent quality for sale.

NOTICE OF REMOVAL.
JAMES SLY
PRACTICAL BOOTMAKER,

Has removed to those newly erected Premises in Ross Place, next door to Messrs. Walker and Gascoigne.

J.S. begs to thank his numerous supporters and the public in general for the liberal support he has received since his commencement in business, and hopes by attention to business and by supplying good articles at moderate prices to receive a continuation of the same.
